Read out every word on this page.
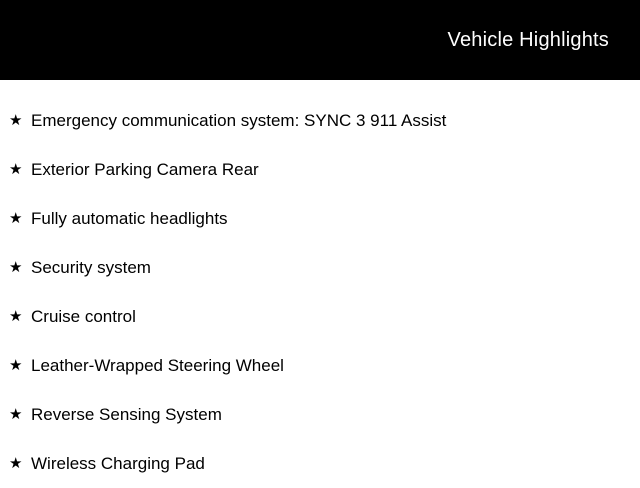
Vehicle Highlights
★ Emergency communication system: SYNC 3 911 Assist
★ Exterior Parking Camera Rear
★ Fully automatic headlights
★ Security system
★ Cruise control
★ Leather-Wrapped Steering Wheel
★ Reverse Sensing System
★ Wireless Charging Pad
